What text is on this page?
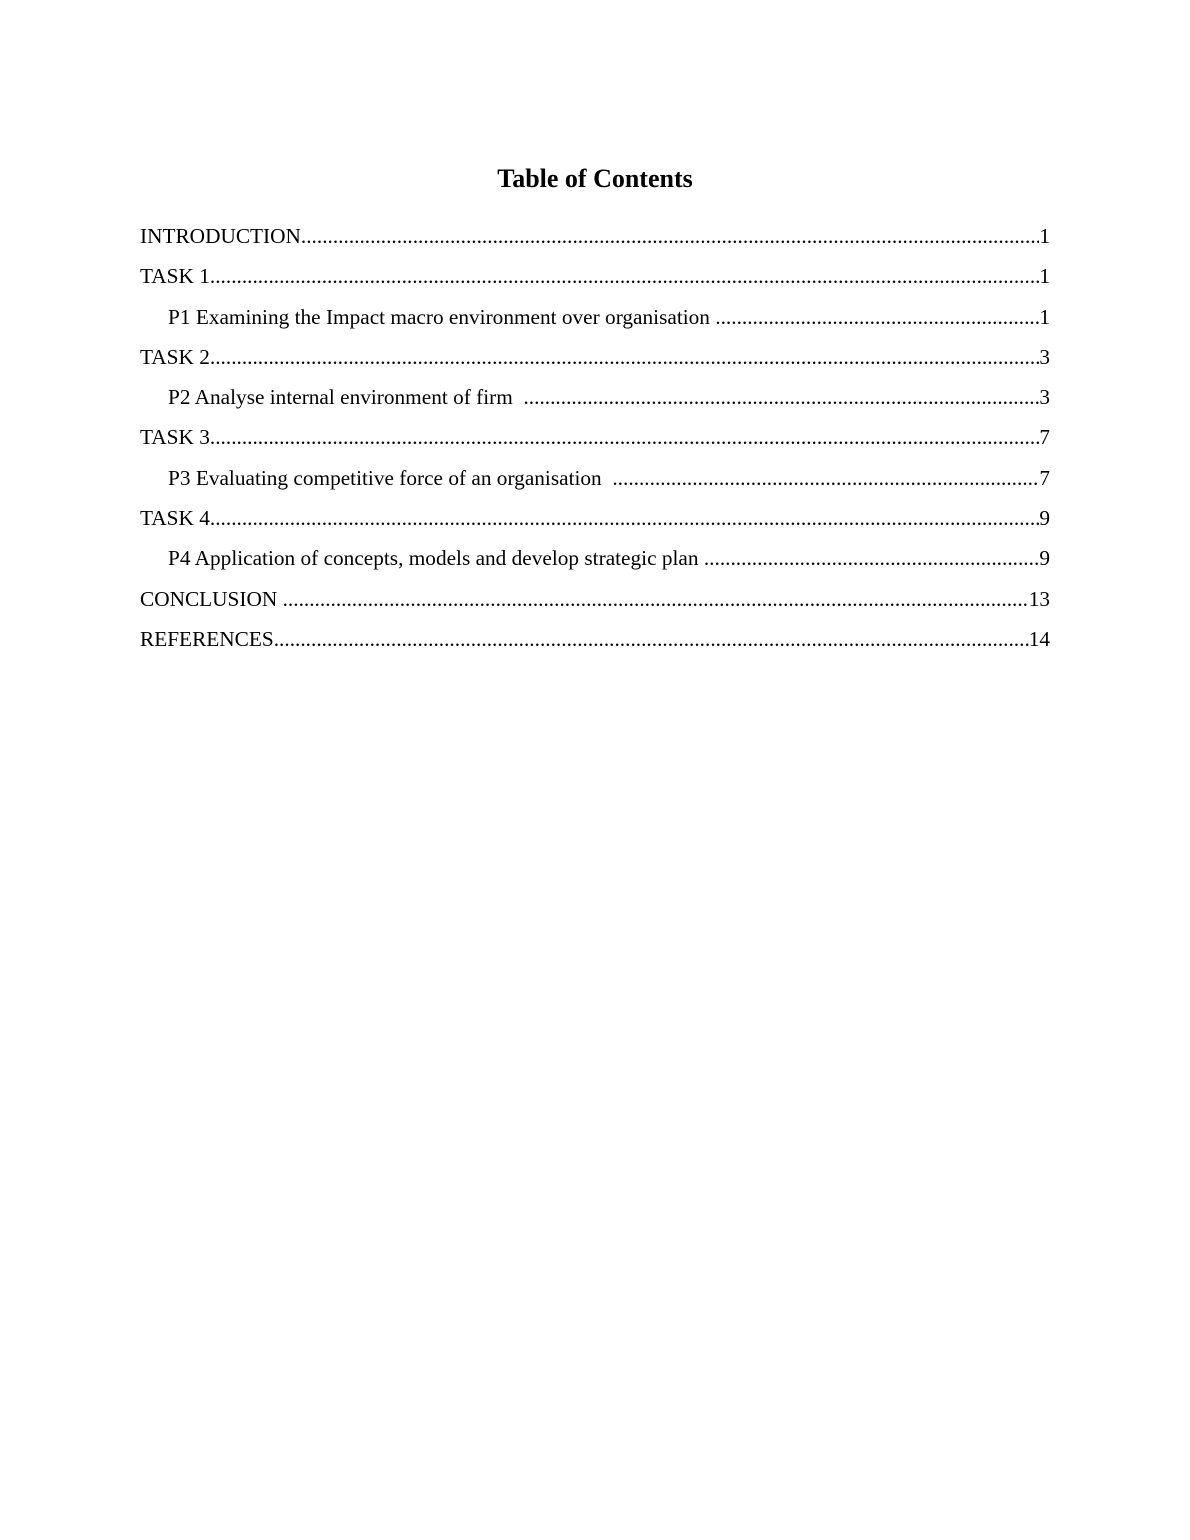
Table of Contents
INTRODUCTION .....	1
TASK 1 .....	1
P1 Examining the Impact macro environment over organisation .....	1
TASK 2 .....	3
P2 Analyse internal environment of firm .....	3
TASK 3 .....	7
P3 Evaluating competitive force of an organisation .....	7
TASK 4 .....	9
P4 Application of concepts, models and develop strategic plan .....	9
CONCLUSION .....	13
REFERENCES .....	14
